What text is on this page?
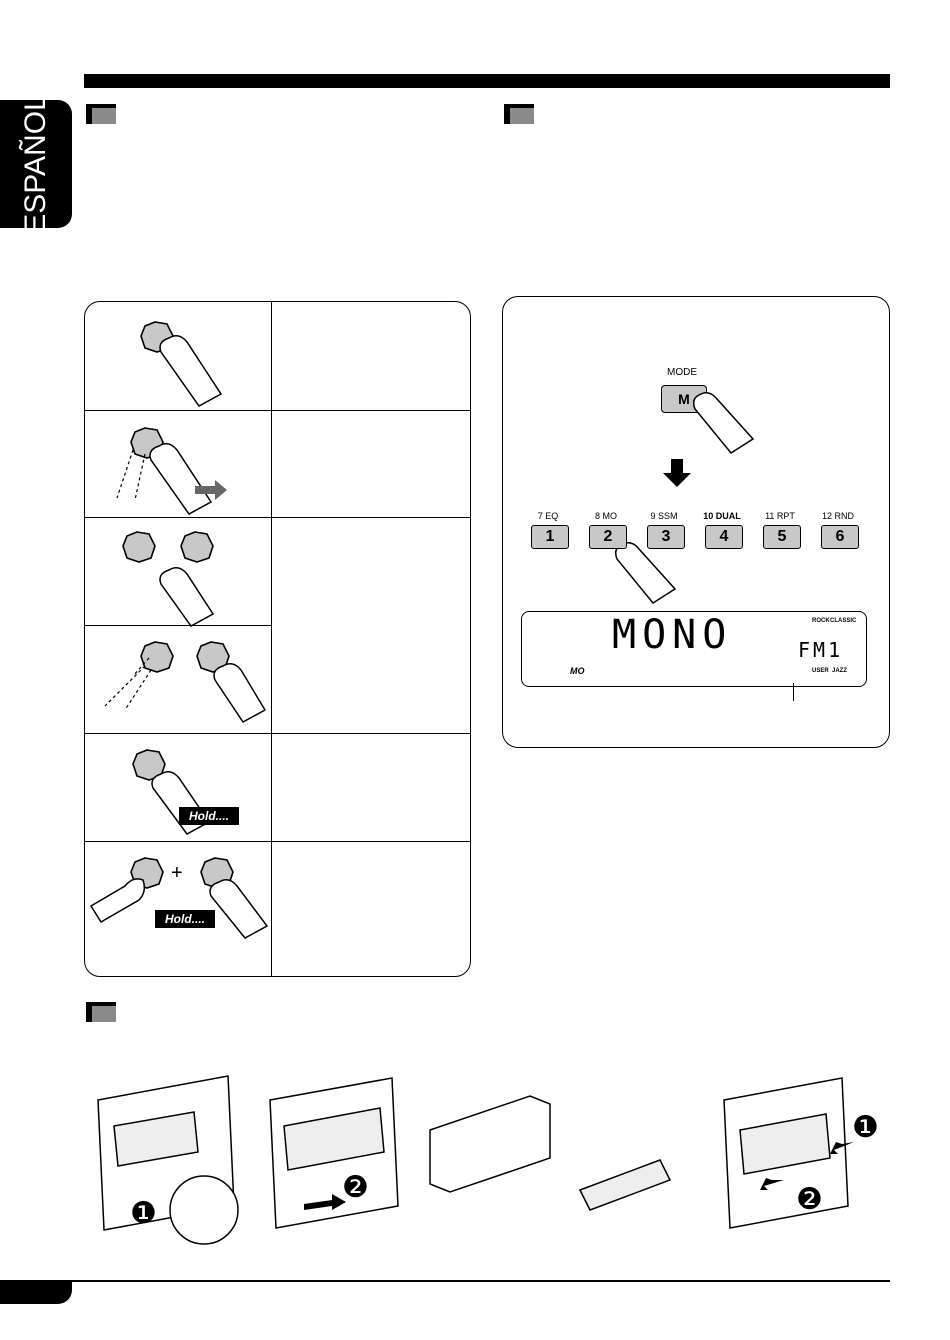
ESPAÑOL
Hold....
Hold....
+
MODE
M
7 EQ	8 MO	9 SSM	10 DUAL	11 RPT	12 RND
1	2	3	4	5	6
MONO	FM1
MO
ROCK CLASSIC
USER JAZZ
❶
❷
❶
❷
